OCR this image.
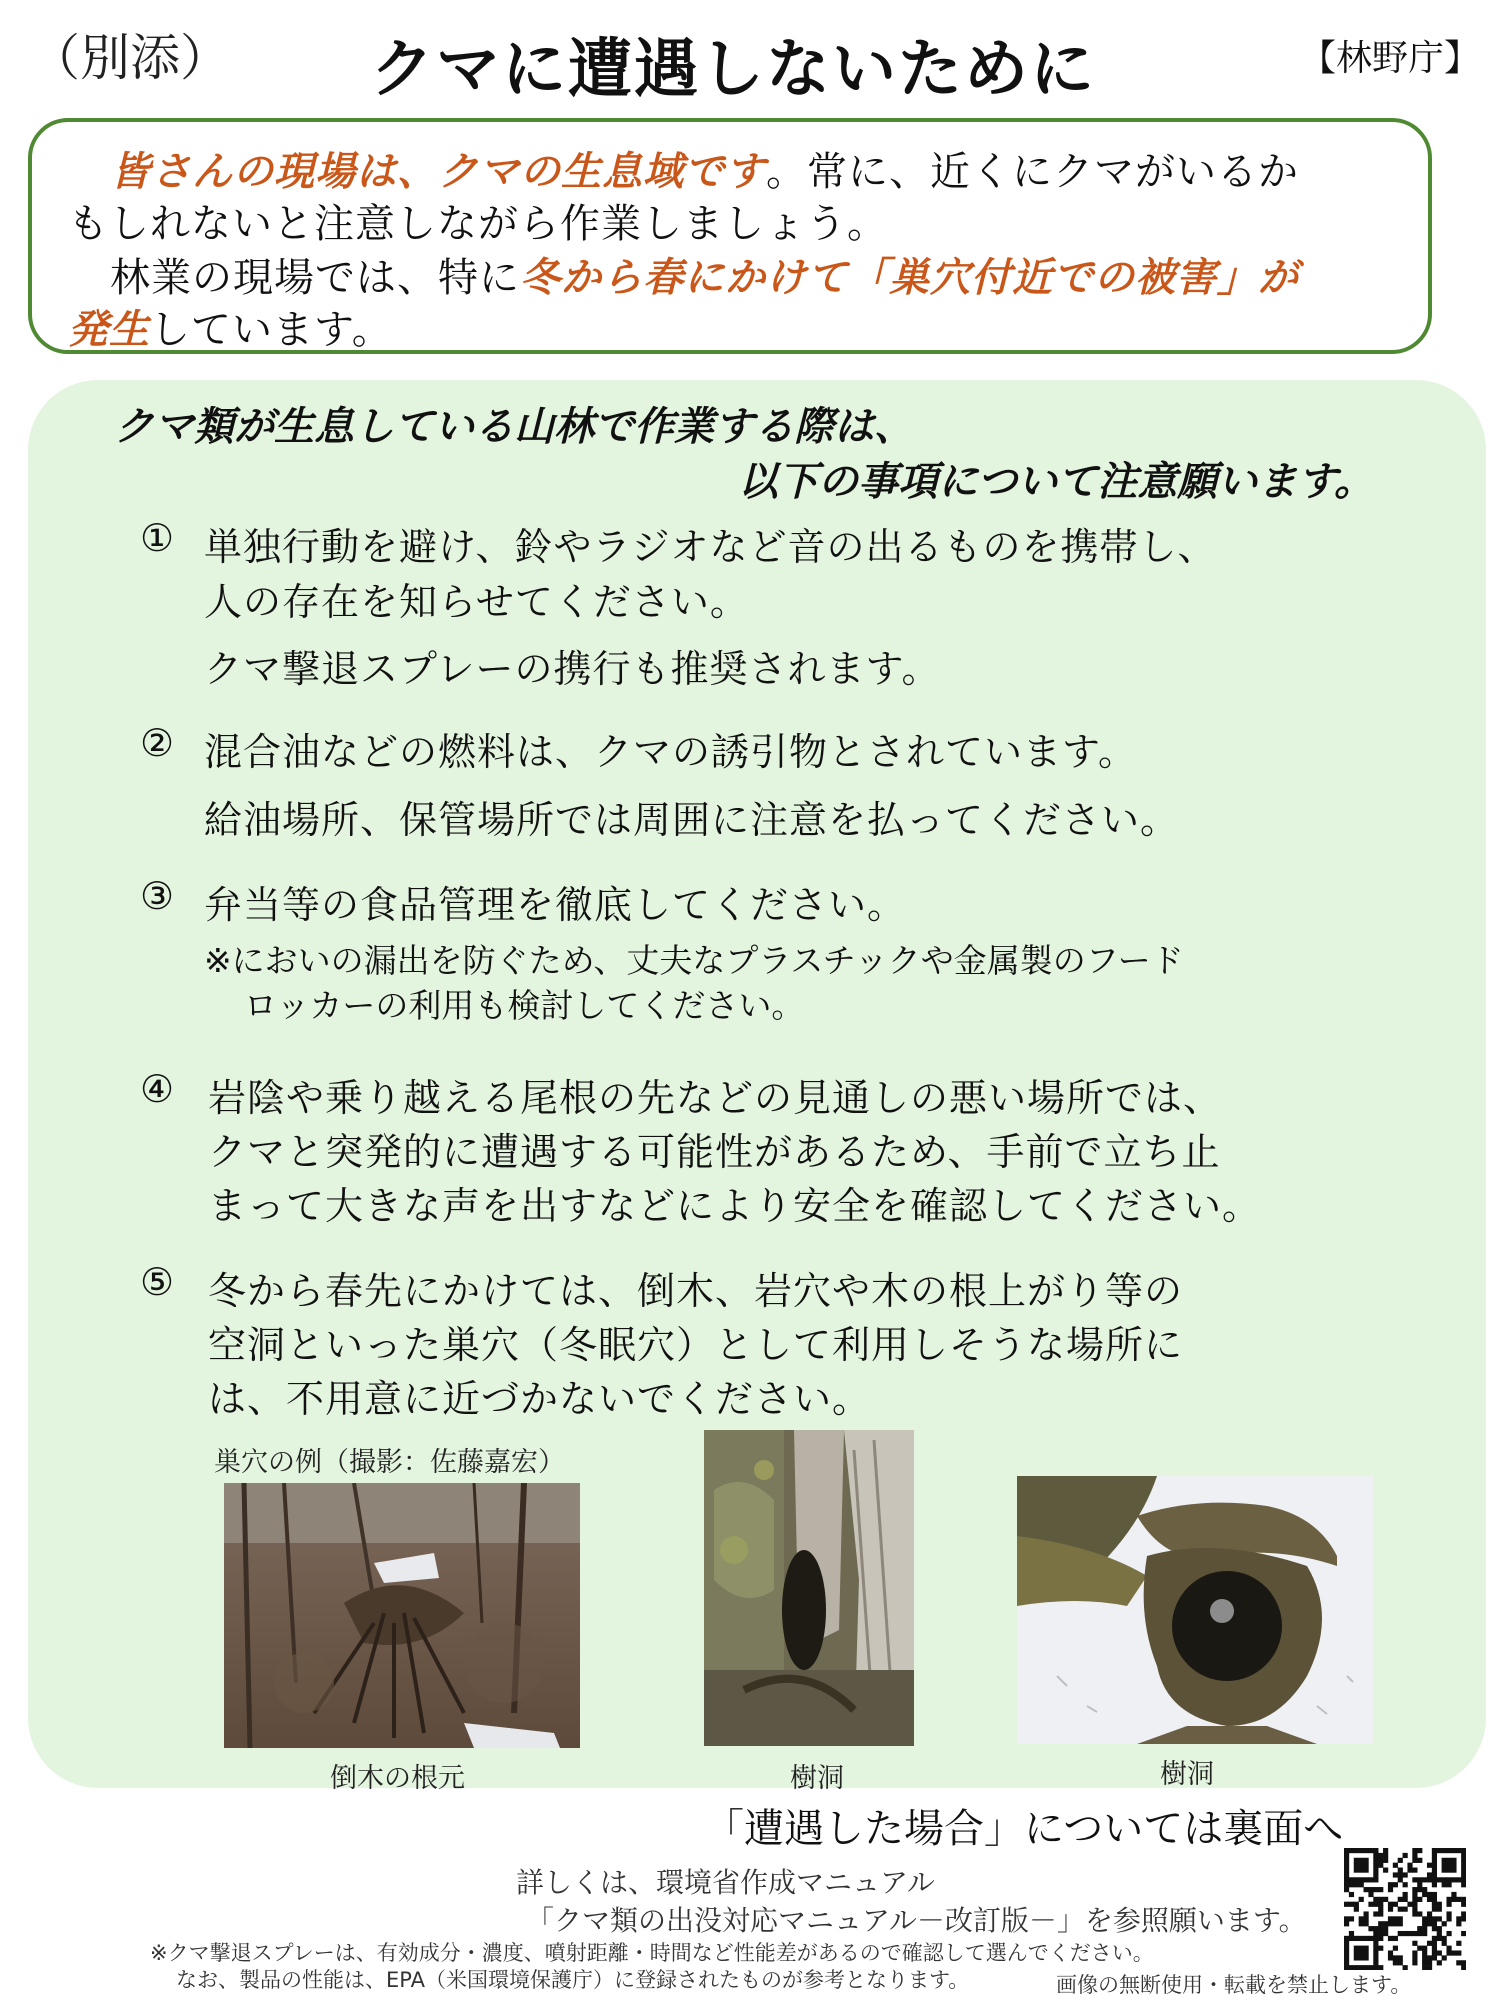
（別添） クマに遭遇しないために	【林野庁】
皆さんの現場は、クマの生息域です。常に、近くにクマがいるか
もしれないと注意しながら作業しましょう。
林業の現場では、特に冬から春にかけて「巣穴付近での被害」が
発生しています。
クマ類が生息している山林で作業する際は、
以下の事項について注意願います。
① 単独行動を避け、鈴やラジオなど音の出るものを携帯し、
人の存在を知らせてください。
クマ撃退スプレーの携行も推奨されます。
② 混合油などの燃料は、クマの誘引物とされています。
給油場所、保管場所では周囲に注意を払ってください。
③ 弁当等の食品管理を徹底してください。
※においの漏出を防ぐため、丈夫なプラスチックや金属製のフード
ロッカーの利用も検討してください。
④ 岩陰や乗り越える尾根の先などの見通しの悪い場所では、
クマと突発的に遭遇する可能性があるため、手前で立ち止
まって大きな声を出すなどにより安全を確認してください。
⑤ 冬から春先にかけては、倒木、岩穴や木の根上がり等の
空洞といった巣穴（冬眠穴）として利用しそうな場所に
は、不用意に近づかないでください。
巣穴の例（撮影：佐藤嘉宏）
倒木の根元	樹洞	樹洞
「遭遇した場合」については裏面へ
詳しくは、環境省作成マニュアル
「クマ類の出没対応マニュアル－改訂版－」を参照願います。
※クマ撃退スプレーは、有効成分・濃度、噴射距離・時間など性能差があるので確認して選んでください。
なお、製品の性能は、EPA（米国環境保護庁）に登録されたものが参考となります。	画像の無断使用・転載を禁止します。
